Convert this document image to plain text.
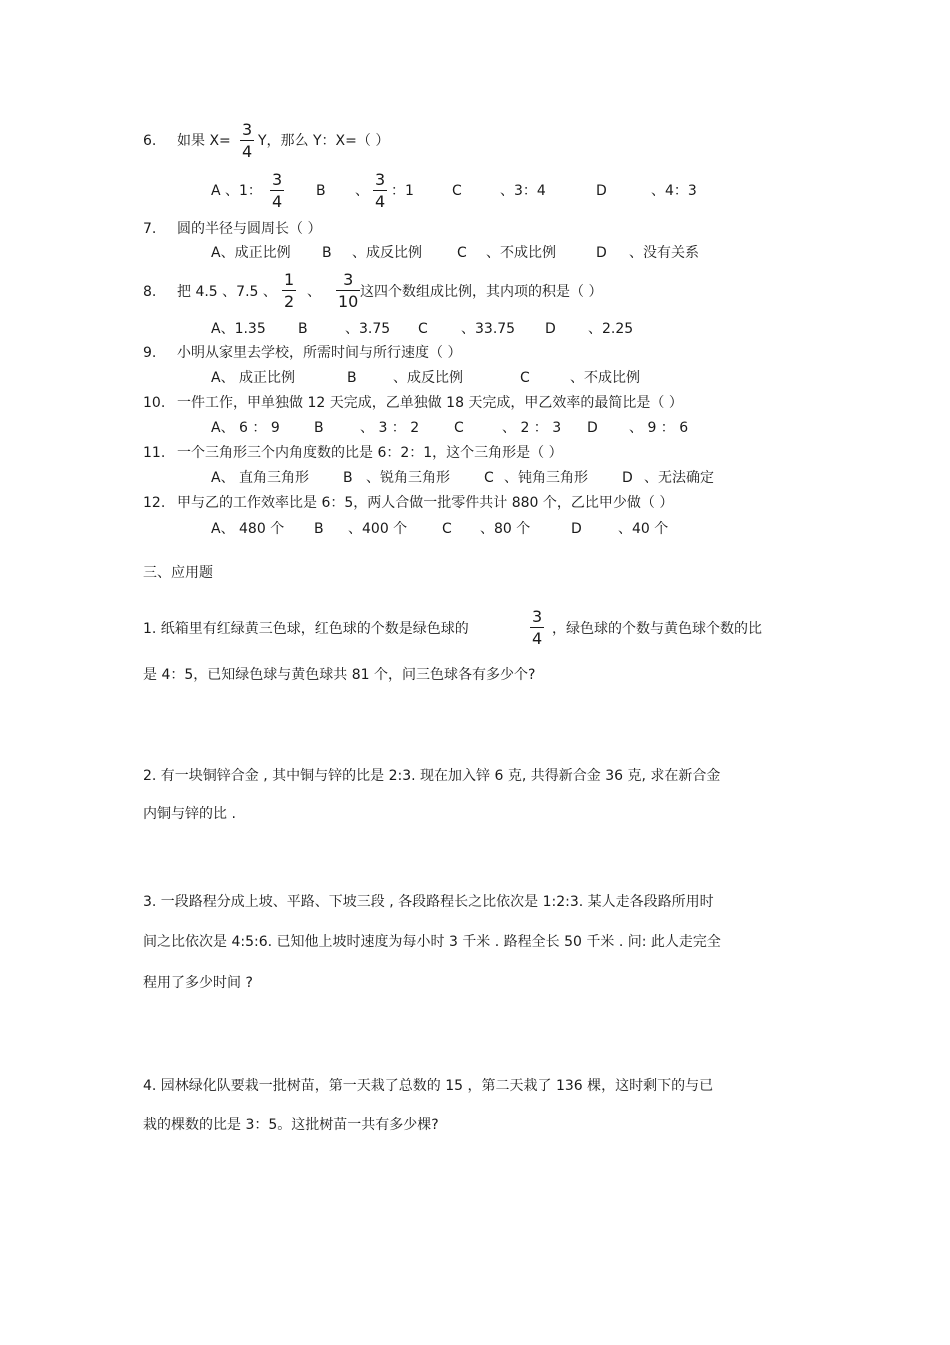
6. 如果 X=
3
4
Y，那么 Y：X=（ ）
A 、1：
3
4
B 、
3
4
：1	C	、3：4	D	、4：3
7. 圆的半径与圆周长（ ）
A、成正比例 B 、成反比例	C 、不成比例	D 、没有关系
8. 把 4.5 、7.5 、
1
2 、
3
10 这四个数组成比例，其内项的积是（ ）
A、1.35 B	、3.75 C 、33.75 D 、2.25
9. 小明从家里去学校，所需时间与所行速度（ ）
A、 成正比例	B	、成反比例	C	、不成比例
10. 一件工作，甲单独做 12 天完成，乙单独做 18 天完成，甲乙效率的最简比是（ ）
A、 6 ： 9 B	、 3 ： 2 C	、 2 ： 3 D 、 9 ： 6
11. 一个三角形三个内角度数的比是 6：2：1，这个三角形是（ ）
A、 直角三角形 B 、锐角三角形 C 、钝角三角形 D 、无法确定
12. 甲与乙的工作效率比是 6：5，两人合做一批零件共计 880 个，乙比甲少做（ ）
A、 480 个 B 、400 个 C 、80 个	D	、40 个
三、应用题
1. 纸箱里有红绿黄三色球，红色球的个数是绿色球的
3
4 ，绿色球的个数与黄色球个数的比
是 4：5，已知绿色球与黄色球共 81 个，问三色球各有多少个?
2. 有一块铜锌合金 , 其中铜与锌的比是 2:3. 现在加入锌 6 克, 共得新合金 36 克, 求在新合金
内铜与锌的比 .
3. 一段路程分成上坡、平路、下坡三段 , 各段路程长之比依次是 1:2:3. 某人走各段路所用时
间之比依次是 4:5:6. 已知他上坡时速度为每小时 3 千米 . 路程全长 50 千米 . 问: 此人走完全
程用了多少时间 ?
4. 园林绿化队要栽一批树苗，第一天栽了总数的 15 ，第二天栽了 136 棵，这时剩下的与已
栽的棵数的比是 3：5。这批树苗一共有多少棵?
